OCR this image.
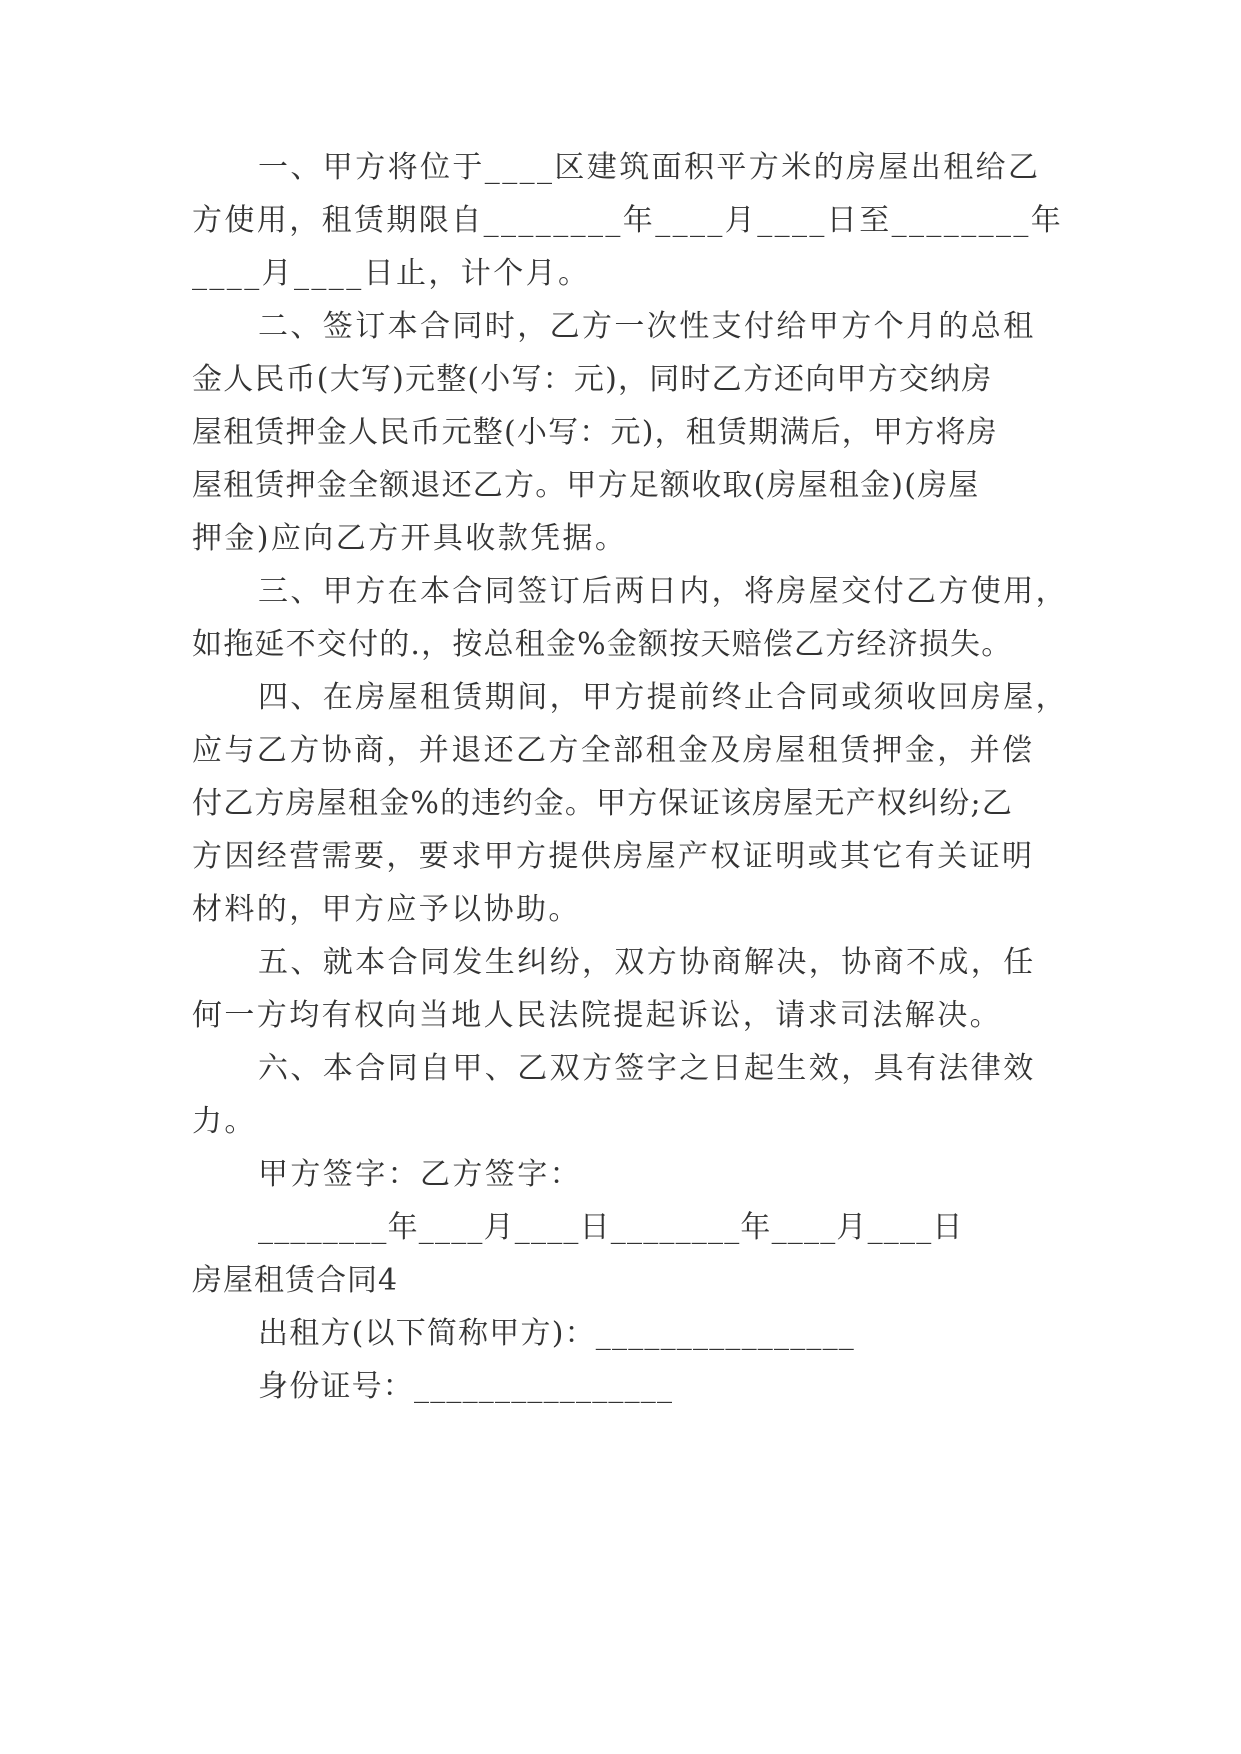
一、甲方将位于____区建筑面积平方米的房屋出租给乙
方使用，租赁期限自________年____月____日至________年
____月____日止，计个月。
二、签订本合同时，乙方一次性支付给甲方个月的总租
金人民币(大写)元整(小写：元)，同时乙方还向甲方交纳房
屋租赁押金人民币元整(小写：元)，租赁期满后，甲方将房
屋租赁押金全额退还乙方。甲方足额收取(房屋租金)(房屋
押金)应向乙方开具收款凭据。
三、甲方在本合同签订后两日内，将房屋交付乙方使用，
如拖延不交付的.，按总租金%金额按天赔偿乙方经济损失。
四、在房屋租赁期间，甲方提前终止合同或须收回房屋，
应与乙方协商，并退还乙方全部租金及房屋租赁押金，并偿
付乙方房屋租金%的违约金。甲方保证该房屋无产权纠纷;乙
方因经营需要，要求甲方提供房屋产权证明或其它有关证明
材料的，甲方应予以协助。
五、就本合同发生纠纷，双方协商解决，协商不成，任
何一方均有权向当地人民法院提起诉讼，请求司法解决。
六、本合同自甲、乙双方签字之日起生效，具有法律效
力。
甲方签字：乙方签字：
________年____月____日________年____月____日
房屋租赁合同4
出租方(以下简称甲方)：________________
身份证号：________________
